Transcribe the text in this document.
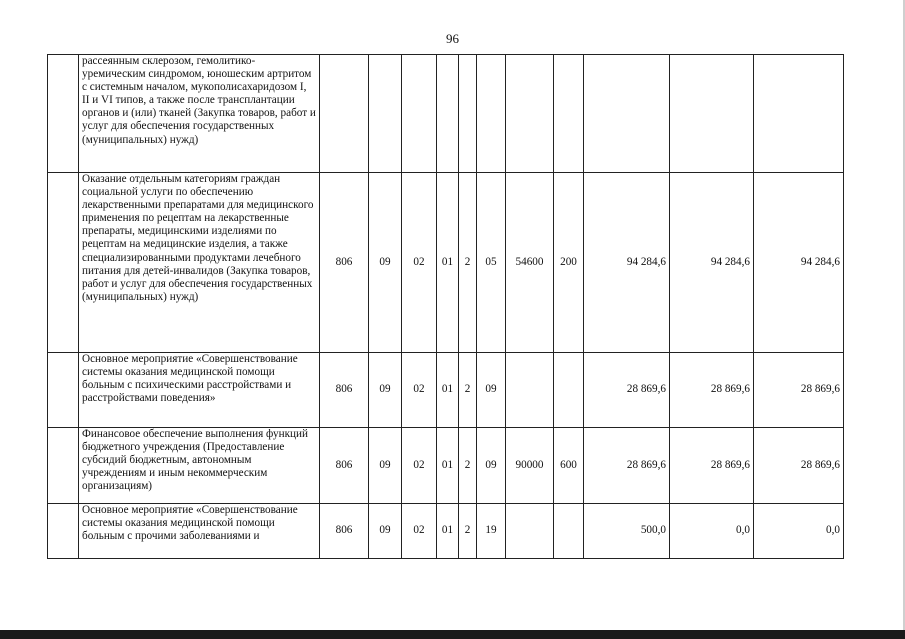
96
	рассеянным склерозом, гемолитико-уремическим синдромом, юношеским артритом с системным началом, мукополисахаридозом I, II и VI типов, а также после трансплантации органов и (или) тканей (Закупка товаров, работ и услуг для обеспечения государственных (муниципальных) нужд)											
	Оказание отдельным категориям граждан социальной услуги по обеспечению лекарственными препаратами для медицинского применения по рецептам на лекарственные препараты, медицинскими изделиями по рецептам на медицинские изделия, а также специализированными продуктами лечебного питания для детей-инвалидов (Закупка товаров, работ и услуг для обеспечения государственных (муниципальных) нужд)	806	09	02	01	2	05	54600	200	94 284,6	94 284,6	94 284,6
	Основное мероприятие «Совершенствование системы оказания медицинской помощи больным с психическими расстройствами и расстройствами поведения»	806	09	02	01	2	09			28 869,6	28 869,6	28 869,6
	Финансовое обеспечение выполнения функций бюджетного учреждения (Предоставление субсидий бюджетным, автономным учреждениям и иным некоммерческим организациям)	806	09	02	01	2	09	90000	600	28 869,6	28 869,6	28 869,6
	Основное мероприятие «Совершенствование системы оказания медицинской помощи больным с прочими заболеваниями и	806	09	02	01	2	19			500,0	0,0	0,0
